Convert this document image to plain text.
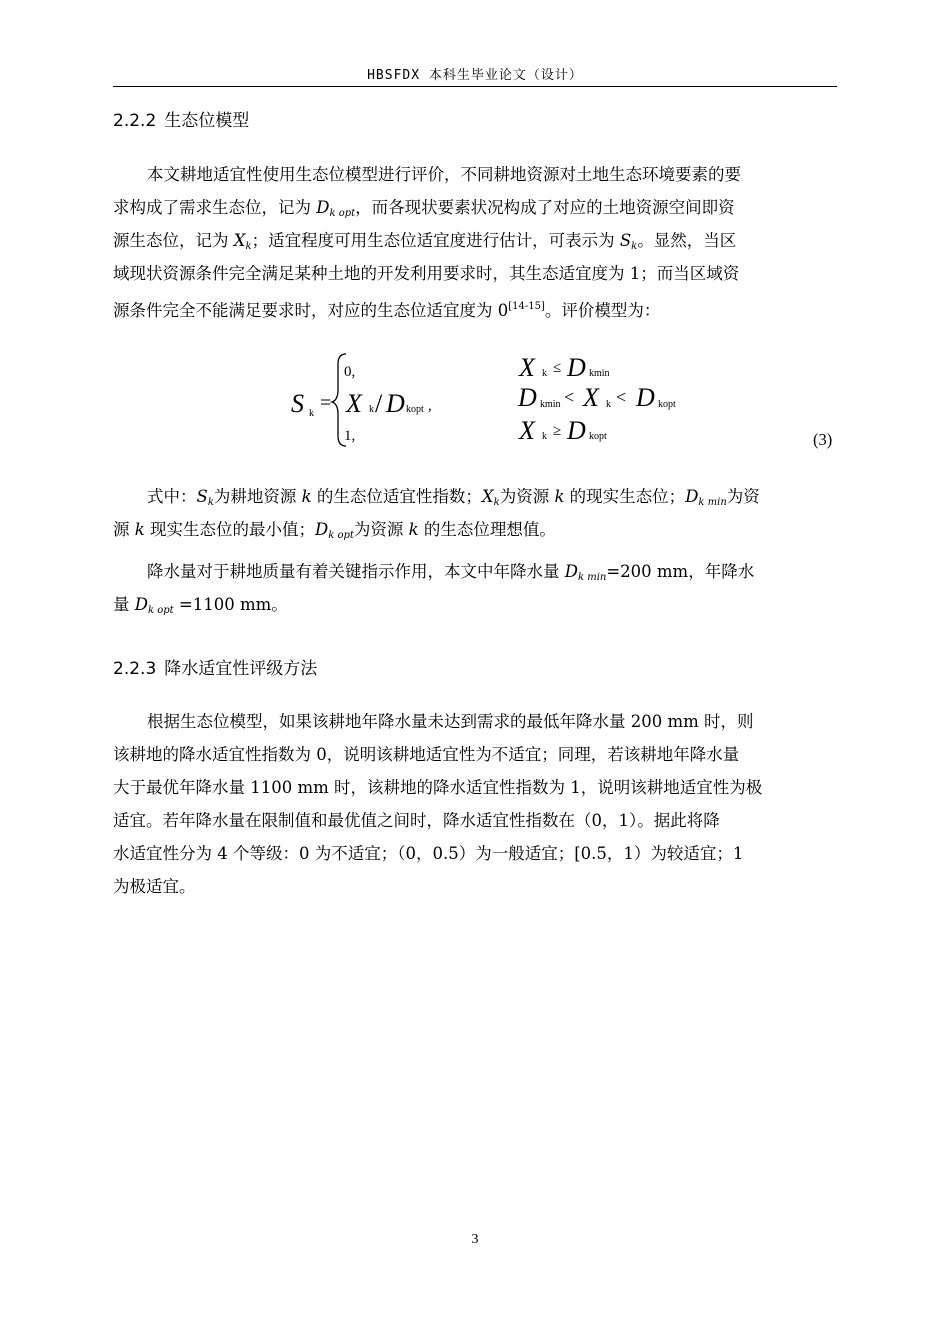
HBSFDX 本科生毕业论文（设计）
2.2.2 生态位模型
本文耕地适宜性使用生态位模型进行评价，不同耕地资源对土地生态环境要素的要
求构成了需求生态位，记为 $D_{k opt}$，而各现状要素状况构成了对应的土地资源空间即资
源生态位，记为 $X_k$；适宜程度可用生态位适宜度进行估计，可表示为 $S_k$。显然，当区
域现状资源条件完全满足某种土地的开发利用要求时，其生态适宜度为 1；而当区域资
源条件完全不能满足要求时，对应的生态位适宜度为 0[14-15]。评价模型为：
S k =
0,
X k / D kopt ,
1,
X k ≤ D kmin
D kmin < X k < D kopt
X k ≥ D kopt	(3)
式中：$S_k$为耕地资源 k 的生态位适宜性指数；$X_k$为资源 k 的现实生态位；$D_{k min}$为资
源 k 现实生态位的最小值；$D_{k opt}$为资源 k 的生态位理想值。
降水量对于耕地质量有着关键指示作用，本文中年降水量 $D_{k min}=200$ mm，年降水
量 $D_{k opt} =1100$ mm。
2.2.3 降水适宜性评级方法
根据生态位模型，如果该耕地年降水量未达到需求的最低年降水量 200 mm 时，则
该耕地的降水适宜性指数为 0，说明该耕地适宜性为不适宜；同理，若该耕地年降水量
大于最优年降水量 1100 mm 时，该耕地的降水适宜性指数为 1，说明该耕地适宜性为极
适宜。若年降水量在限制值和最优值之间时，降水适宜性指数在（0，1）。据此将降
水适宜性分为 4 个等级：0 为不适宜；（0，0.5）为一般适宜；[0.5，1）为较适宜；1
为极适宜。
3
